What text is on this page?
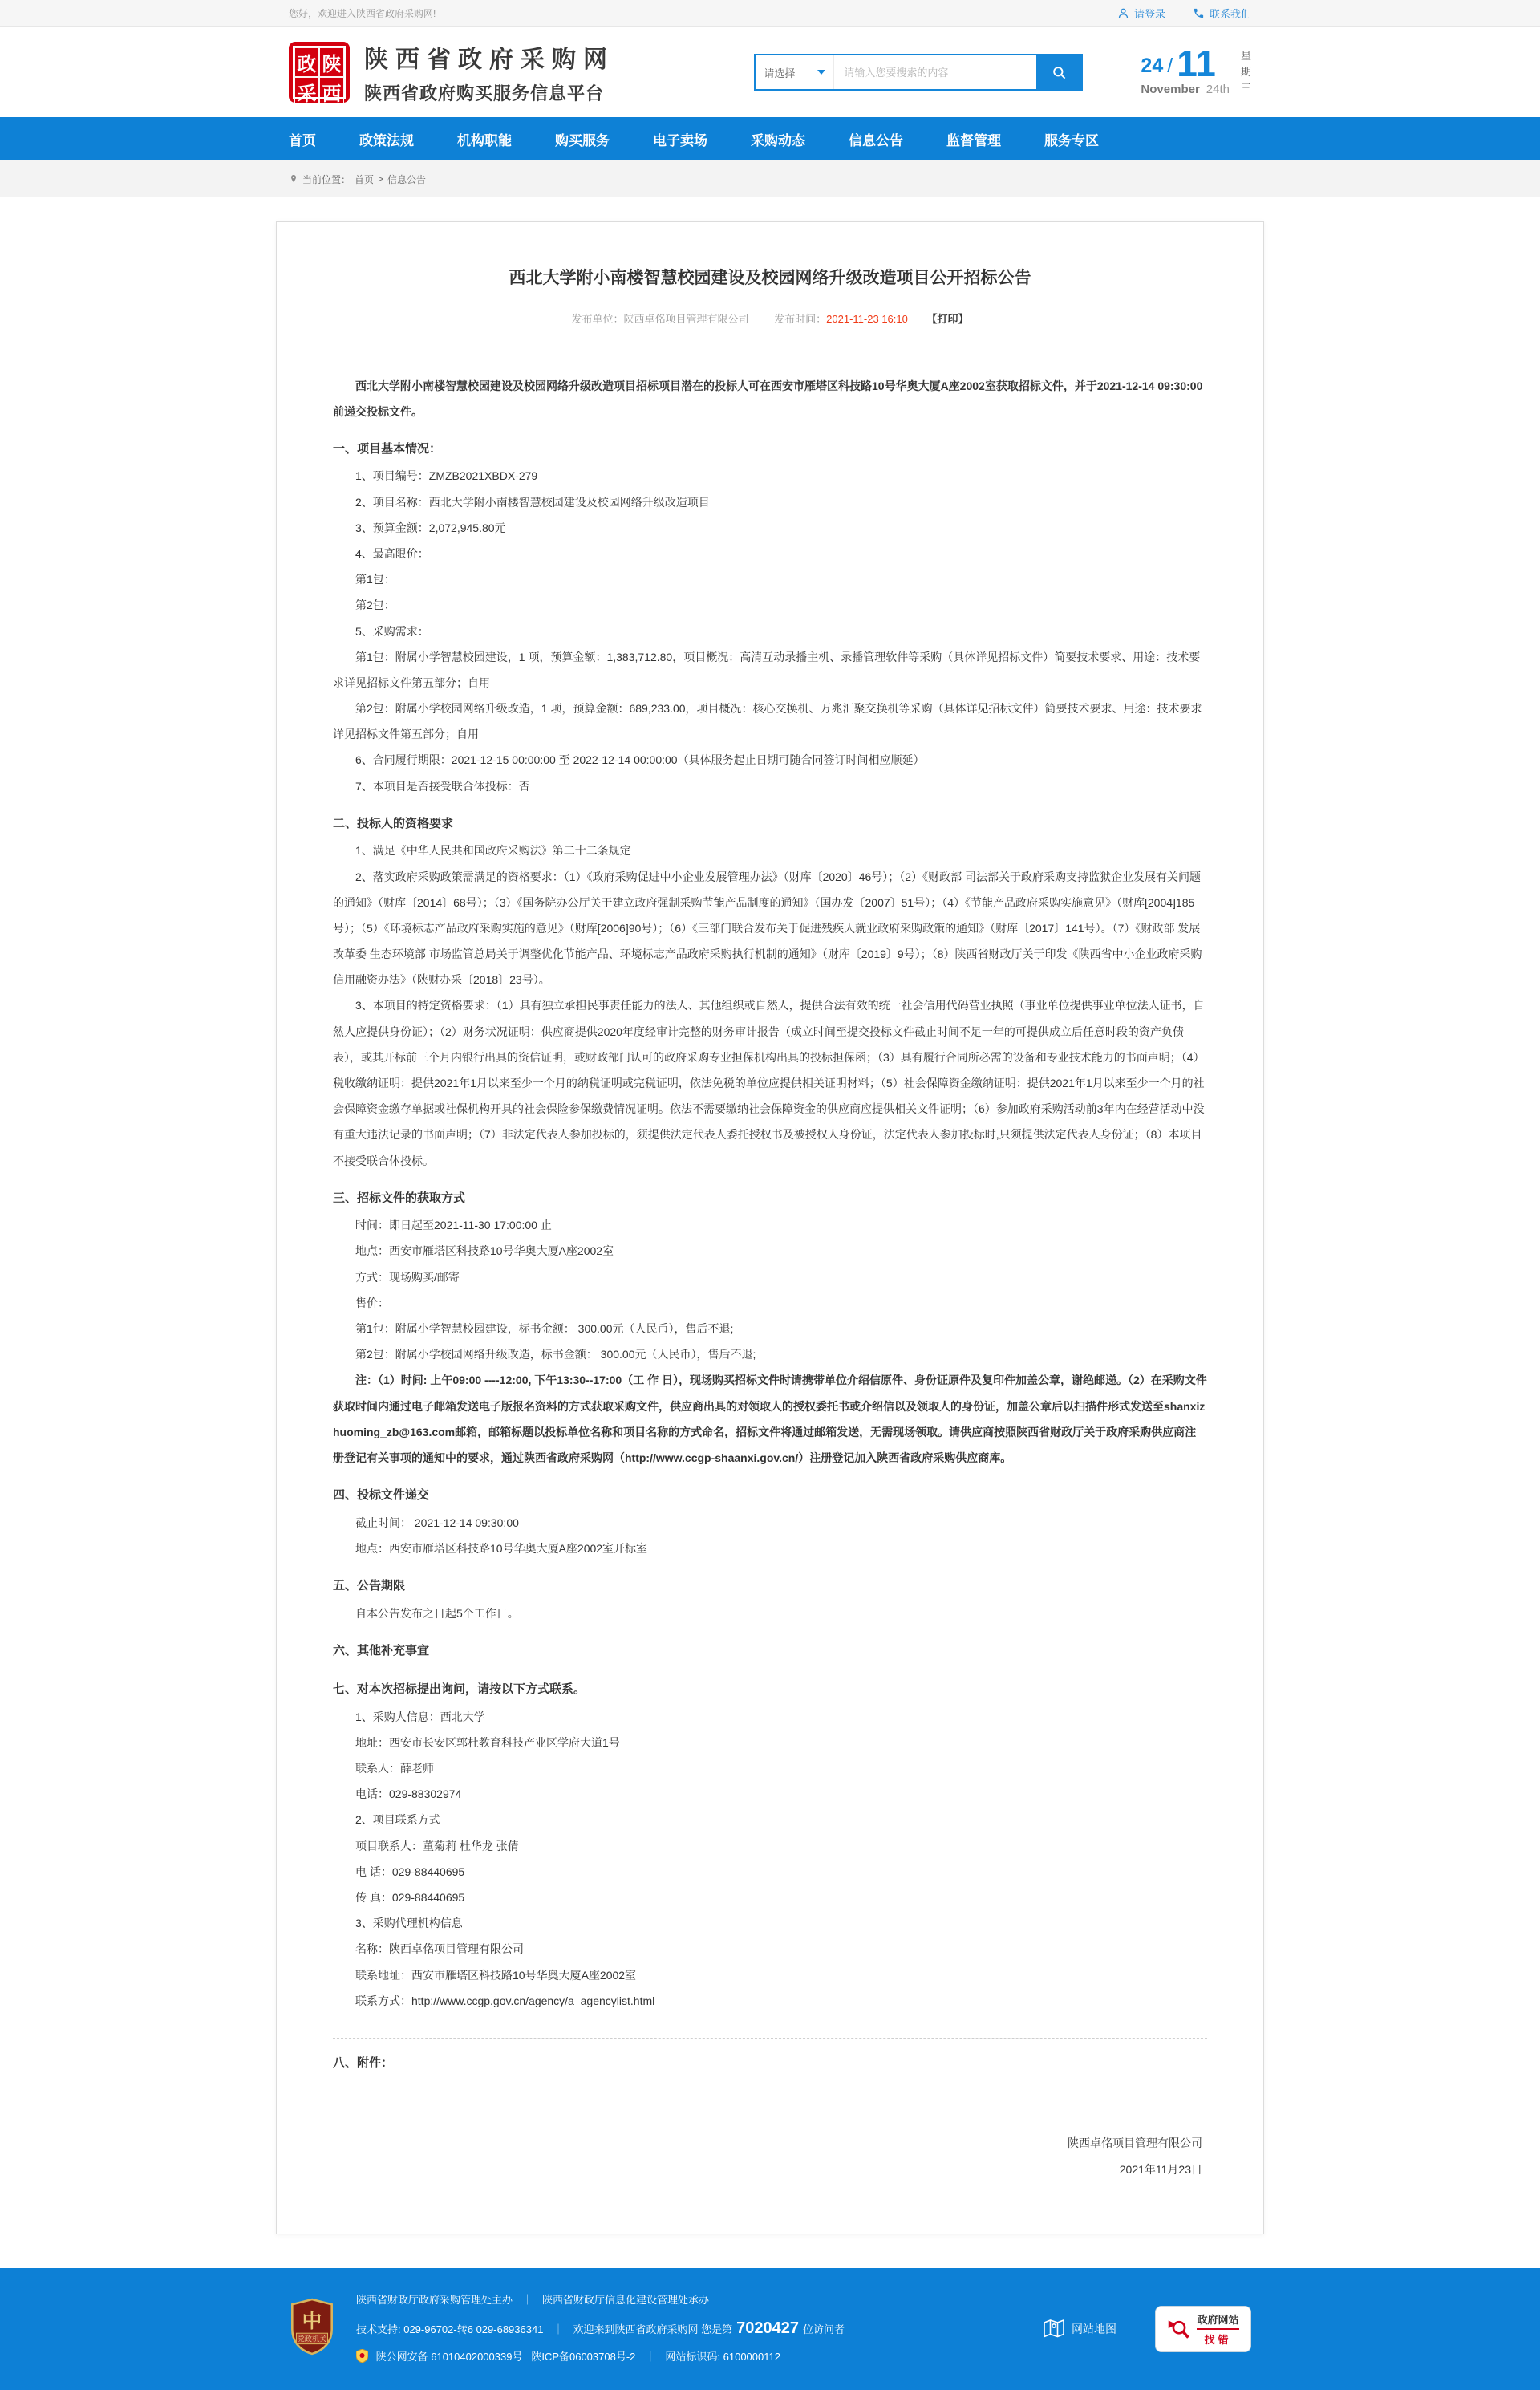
您好，欢迎进入陕西省政府采购网!	请登录	联系我们
政 陕
采 西
陕西省政府采购网
陕西省政府购买服务信息平台
请选择
请输入您要搜索的内容	24 / 11
November 24th
星
期
三
首页	政策法规	机构职能	购买服务	电子卖场	采购动态	信息公告	监督管理	服务专区
当前位置： 首页 > 信息公告
西北大学附小南楼智慧校园建设及校园网络升级改造项目公开招标公告
发布单位：陕西卓佲项目管理有限公司 发布时间：2021-11-23 16:10 【打印】

西北大学附小南楼智慧校园建设及校园网络升级改造项目招标项目潜在的投标人可在西安市雁塔区科技路10号华奥大厦A座2002室获取招标文件，并于2021-12-14 09:30:00前递交投标文件。

一、项目基本情况：

1、项目编号：ZMZB2021XBDX-279

2、项目名称：西北大学附小南楼智慧校园建设及校园网络升级改造项目

3、预算金额：2,072,945.80元

4、最高限价：

第1包：

第2包：

5、采购需求：

第1包：附属小学智慧校园建设，1 项，预算金额：1,383,712.80，项目概况：高清互动录播主机、录播管理软件等采购（具体详见招标文件）简要技术要求、用途：技术要求详见招标文件第五部分；自用

第2包：附属小学校园网络升级改造，1 项，预算金额：689,233.00，项目概况：核心交换机、万兆汇聚交换机等采购（具体详见招标文件）简要技术要求、用途：技术要求详见招标文件第五部分；自用

6、合同履行期限：2021-12-15 00:00:00 至 2022-12-14 00:00:00（具体服务起止日期可随合同签订时间相应顺延）

7、本项目是否接受联合体投标：否

二、投标人的资格要求

1、满足《中华人民共和国政府采购法》第二十二条规定

2、落实政府采购政策需满足的资格要求：（1）《政府采购促进中小企业发展管理办法》（财库〔2020〕46号）；（2）《财政部 司法部关于政府采购支持监狱企业发展有关问题的通知》（财库〔2014〕68号）；（3）《国务院办公厅关于建立政府强制采购节能产品制度的通知》（国办发〔2007〕51号）；（4）《节能产品政府采购实施意见》（财库[2004]185号）；（5）《环境标志产品政府采购实施的意见》（财库[2006]90号）；（6）《三部门联合发布关于促进残疾人就业政府采购政策的通知》（财库〔2017〕141号）。（7）《财政部 发展改革委 生态环境部 市场监管总局关于调整优化节能产品、环境标志产品政府采购执行机制的通知》（财库〔2019〕9号）；（8）陕西省财政厅关于印发《陕西省中小企业政府采购信用融资办法》（陕财办采〔2018〕23号）。

3、本项目的特定资格要求：（1）具有独立承担民事责任能力的法人、其他组织或自然人，提供合法有效的统一社会信用代码营业执照（事业单位提供事业单位法人证书，自然人应提供身份证）；（2）财务状况证明：供应商提供2020年度经审计完整的财务审计报告（成立时间至提交投标文件截止时间不足一年的可提供成立后任意时段的资产负债表），或其开标前三个月内银行出具的资信证明，或财政部门认可的政府采购专业担保机构出具的投标担保函；（3）具有履行合同所必需的设备和专业技术能力的书面声明；（4）税收缴纳证明：提供2021年1月以来至少一个月的纳税证明或完税证明，依法免税的单位应提供相关证明材料；（5）社会保障资金缴纳证明：提供2021年1月以来至少一个月的社会保障资金缴存单据或社保机构开具的社会保险参保缴费情况证明。依法不需要缴纳社会保障资金的供应商应提供相关文件证明；（6）参加政府采购活动前3年内在经营活动中没有重大违法记录的书面声明；（7）非法定代表人参加投标的，须提供法定代表人委托授权书及被授权人身份证，法定代表人参加投标时,只须提供法定代表人身份证；（8）本项目不接受联合体投标。

三、招标文件的获取方式

时间：即日起至2021-11-30 17:00:00 止

地点：西安市雁塔区科技路10号华奥大厦A座2002室

方式：现场购买/邮寄

售价：

第1包：附属小学智慧校园建设，标书金额： 300.00元（人民币），售后不退;

第2包：附属小学校园网络升级改造，标书金额： 300.00元（人民币），售后不退;

注：（1）时间: 上午09:00 ----12:00, 下午13:30--17:00（工 作 日），现场购买招标文件时请携带单位介绍信原件、身份证原件及复印件加盖公章，谢绝邮递。（2）在采购文件获取时间内通过电子邮箱发送电子版报名资料的方式获取采购文件，供应商出具的对领取人的授权委托书或介绍信以及领取人的身份证，加盖公章后以扫描件形式发送至shanxizhuoming_zb@163.com邮箱，邮箱标题以投标单位名称和项目名称的方式命名，招标文件将通过邮箱发送，无需现场领取。请供应商按照陕西省财政厅关于政府采购供应商注册登记有关事项的通知中的要求，通过陕西省政府采购网（http://www.ccgp-shaanxi.gov.cn/）注册登记加入陕西省政府采购供应商库。

四、投标文件递交

截止时间： 2021-12-14 09:30:00

地点：西安市雁塔区科技路10号华奥大厦A座2002室开标室

五、公告期限

自本公告发布之日起5个工作日。

六、其他补充事宜

七、对本次招标提出询问，请按以下方式联系。

1、采购人信息：西北大学

地址：西安市长安区郭杜教育科技产业区学府大道1号

联系人：薛老师

电话：029-88302974

2、项目联系方式

项目联系人：董菊莉 杜华龙 张倩

电 话：029-88440695

传 真：029-88440695

3、采购代理机构信息

名称：陕西卓佲项目管理有限公司

联系地址：西安市雁塔区科技路10号华奥大厦A座2002室

联系方式：http://www.ccgp.gov.cn/agency/a_agencylist.html

八、附件：

陕西卓佲项目管理有限公司

2021年11月23日

中
党政机关
陕西省财政厅政府采购管理处主办 ｜ 陕西省财政厅信息化建设管理处承办
技术支持: 029-96702-转6 029-68936341 ｜ 欢迎来到陕西省政府采购网 您是第 7020427 位访问者
陕公网安备 61010402000339号 陕ICP备06003708号-2 ｜ 网站标识码: 6100000112
网站地图
政府网站
找错
